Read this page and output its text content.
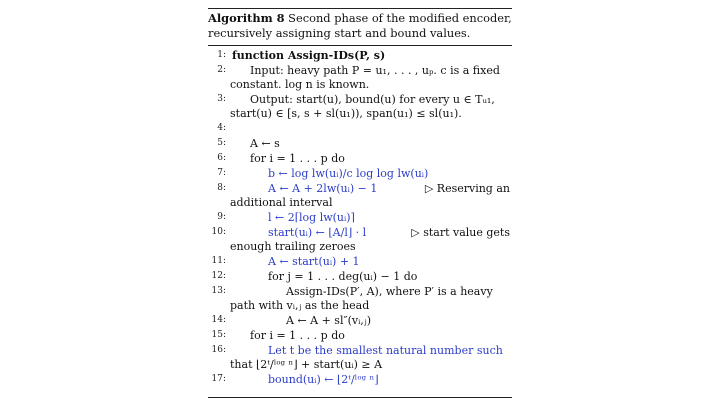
Algorithm 8 Second phase of the modified encoder,
recursively assigning start and bound values.
1: function Assign-IDs(P, s)
2: Input: heavy path P = u₁, . . . , uₚ. c is a fixed
constant. log n is known.
3: Output: start(u), bound(u) for every u ∈ Tᵤ₁,
start(u) ∈ [s, s + sl(u₁)), span(u₁) ≤ sl(u₁).
4:
5: A ← s
6: for i = 1 . . . p do
7:	b ← log lw(uᵢ)/c log log lw(uᵢ)
8:	A ← A + 2lw(uᵢ) − 1	▷ Reserving an
additional interval
9:	l ← 2⌈log lw(uᵢ)⌉
10:	start(uᵢ) ← ⌊A/l⌋ · l	▷ start value gets
enough trailing zeroes
11:	A ← start(uᵢ) + 1
12:	for j = 1 . . . deg(uᵢ) − 1 do
13:	Assign-IDs(P′, A), where P′ is a heavy
path with vᵢ,ⱼ as the head
14:	A ← A + sl″(vᵢ,ⱼ)
15: for i = 1 . . . p do
16:	Let t be the smallest natural number such
that ⌊2ᵗ/ˡᵒᵍ ⁿ⌋ + start(uᵢ) ≥ A
17:	bound(uᵢ) ← ⌊2ᵗ/ˡᵒᵍ ⁿ⌋
